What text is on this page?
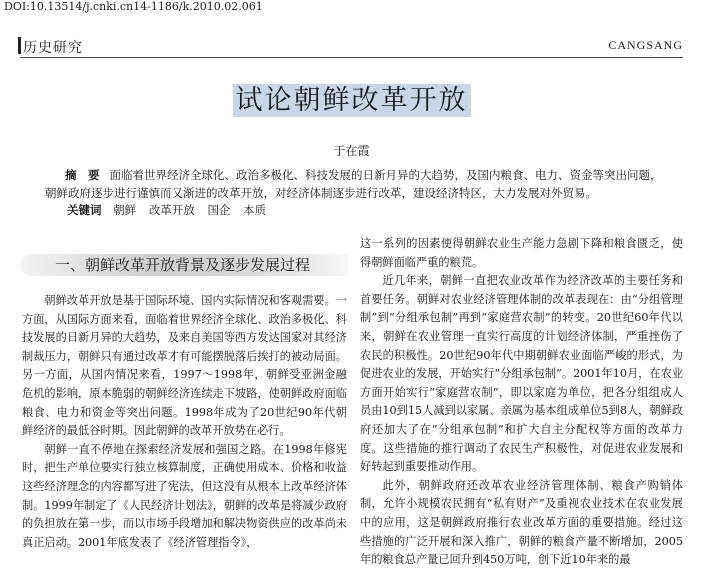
DOI:10.13514/j.cnki.cn14-1186/k.2010.02.061
历史研究	CANGSANG
试论朝鲜改革开放
于在霞
摘　要 面临着世界经济全球化、政治多极化、科技发展的日新月异的大趋势，及国内粮食、电力、资金等突出问题，
朝鲜政府逐步进行谨慎而又渐进的改革开放，对经济体制逐步进行改革，建设经济特区，大力发展对外贸易。
关键词 朝鲜 改革开放 国企 本质
一、朝鲜改革开放背景及逐步发展过程

朝鲜改革开放是基于国际环境、国内实际情况和客观需要。一方面，从国际方面来看，面临着世界经济全球化、政治多极化、科技发展的日新月异的大趋势，及来自美国等西方发达国家对其经济制裁压力，朝鲜只有通过改革才有可能摆脱落后挨打的被动局面。另一方面，从国内情况来看，1997～1998年，朝鲜受亚洲金融危机的影响，原本脆弱的朝鲜经济连续走下坡路，使朝鲜政府面临粮食、电力和资金等突出问题。1998年成为了20世纪90年代朝鲜经济的最低谷时期。因此朝鲜的改革开放势在必行。

朝鲜一直不停地在探索经济发展和强国之路。在1998年修宪时，把生产单位要实行独立核算制度，正确使用成本、价格和收益这些经济理念的内容都写进了宪法，但这没有从根本上改革经济体制。1999年制定了《人民经济计划法》，朝鲜的改革是将减少政府的负担放在第一步，而以市场手段增加和解决物资供应的改革尚未真正启动。2001年底发表了《经济管理指令》，

这一系列的因素使得朝鲜农业生产能力急剧下降和粮食匮乏，使得朝鲜面临严重的粮荒。

近几年来，朝鲜一直把农业改革作为经济改革的主要任务和首要任务。朝鲜对农业经济管理体制的改革表现在：由“分组管理制”到“分组承包制”再到“家庭营农制”的转变。20世纪60年代以来，朝鲜在农业管理一直实行高度的计划经济体制，严重挫伤了农民的积极性。20世纪90年代中期朝鲜农业面临严峻的形式，为促进农业的发展，开始实行“分组承包制”。2001年10月，在农业方面开始实行“家庭营农制”，即以家庭为单位，把各分组组成人员由10到15人减到以家属、亲属为基本组成单位5到8人，朝鲜政府还加大了在“分组承包制”和扩大自主分配权等方面的改革力度。这些措施的推行调动了农民生产积极性，对促进农业发展和好转起到重要推动作用。

此外，朝鲜政府还改革农业经济管理体制、粮食产购销体制，允许小规模农民拥有“私有财产”及重视农业技术在农业发展中的应用，这是朝鲜政府推行农业改革方面的重要措施。经过这些措施的广泛开展和深入推广，朝鲜的粮食产量不断增加，2005年的粮食总产量已回升到450万吨，创下近10年来的最
